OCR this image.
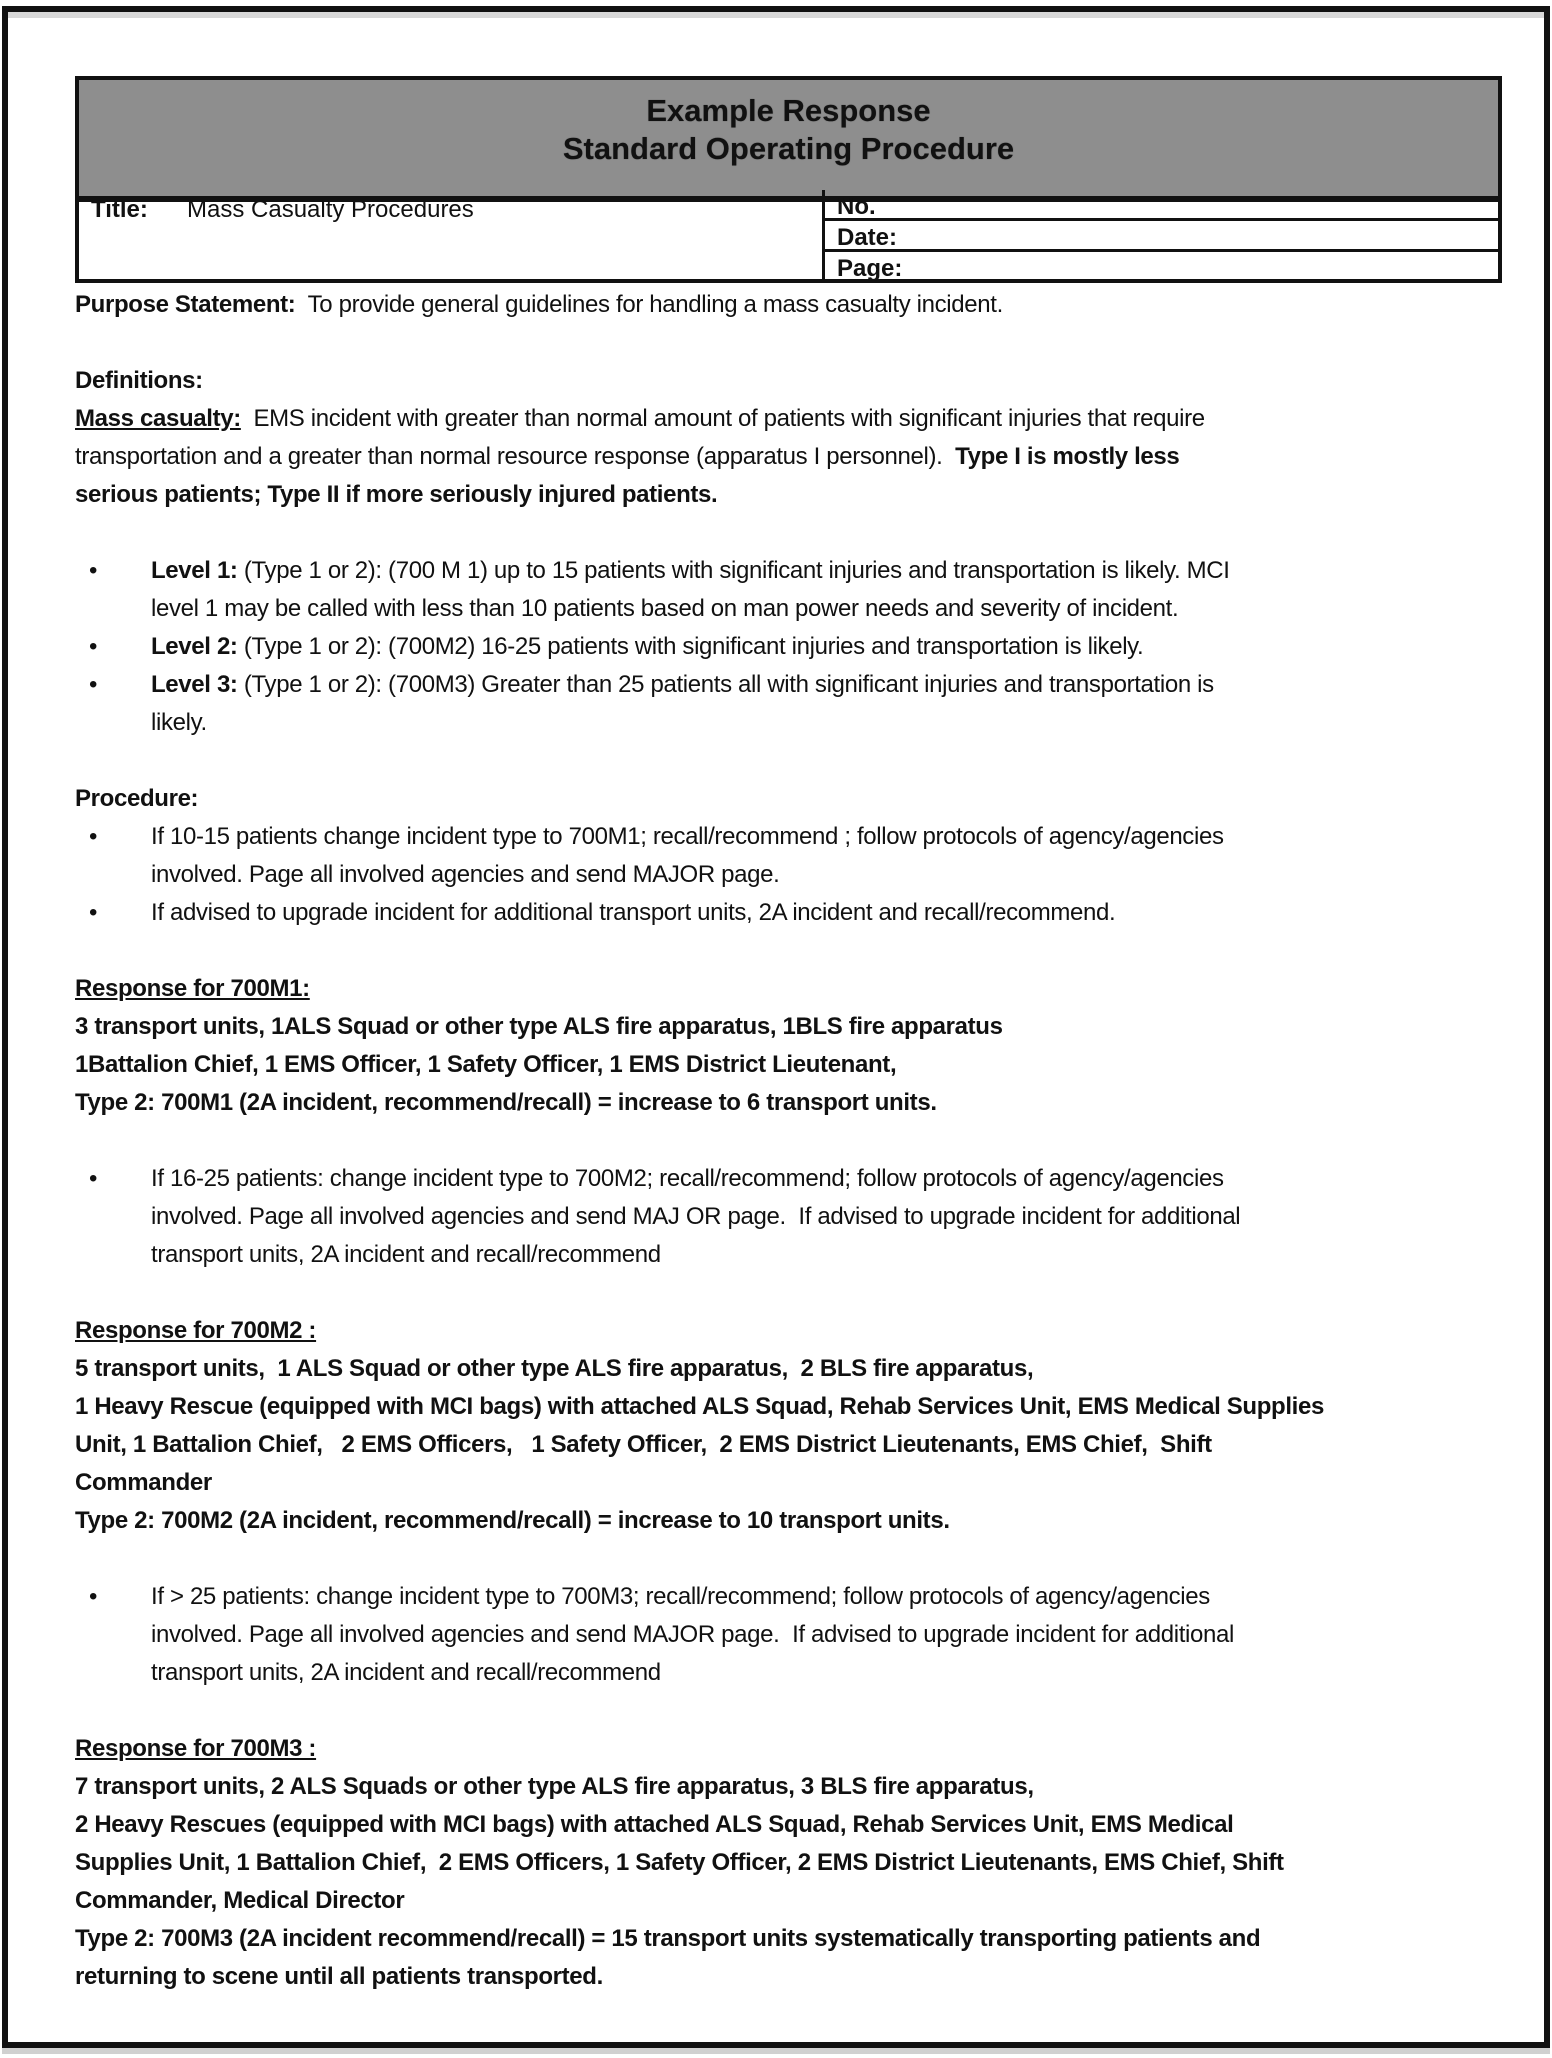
Example Response
Standard Operating Procedure
Title: Mass Casualty Procedures	No.
Date:
Page:
Purpose Statement:  To provide general guidelines for handling a mass casualty incident.
Definitions:
Mass casualty:  EMS incident with greater than normal amount of patients with significant injuries that require
transportation and a greater than normal resource response (apparatus I personnel).  Type I is mostly less
serious patients; Type II if more seriously injured patients.
• Level 1: (Type 1 or 2): (700 M 1) up to 15 patients with significant injuries and transportation is likely. MCI
level 1 may be called with less than 10 patients based on man power needs and severity of incident.
• Level 2: (Type 1 or 2): (700M2) 16-25 patients with significant injuries and transportation is likely.
• Level 3: (Type 1 or 2): (700M3) Greater than 25 patients all with significant injuries and transportation is
likely.
Procedure:
• If 10-15 patients change incident type to 700M1; recall/recommend ; follow protocols of agency/agencies
involved. Page all involved agencies and send MAJOR page.
• If advised to upgrade incident for additional transport units, 2A incident and recall/recommend.
Response for 700M1:
3 transport units, 1ALS Squad or other type ALS fire apparatus, 1BLS fire apparatus
1Battalion Chief, 1 EMS Officer, 1 Safety Officer, 1 EMS District Lieutenant,
Type 2: 700M1 (2A incident, recommend/recall) = increase to 6 transport units.
• If 16-25 patients: change incident type to 700M2; recall/recommend; follow protocols of agency/agencies
involved. Page all involved agencies and send MAJ OR page.  If advised to upgrade incident for additional
transport units, 2A incident and recall/recommend
Response for 700M2 :
5 transport units,  1 ALS Squad or other type ALS fire apparatus,  2 BLS fire apparatus,
1 Heavy Rescue (equipped with MCI bags) with attached ALS Squad, Rehab Services Unit, EMS Medical Supplies
Unit, 1 Battalion Chief,   2 EMS Officers,   1 Safety Officer,  2 EMS District Lieutenants, EMS Chief,  Shift
Commander
Type 2: 700M2 (2A incident, recommend/recall) = increase to 10 transport units.
• If > 25 patients: change incident type to 700M3; recall/recommend; follow protocols of agency/agencies
involved. Page all involved agencies and send MAJOR page.  If advised to upgrade incident for additional
transport units, 2A incident and recall/recommend
Response for 700M3 :
7 transport units, 2 ALS Squads or other type ALS fire apparatus, 3 BLS fire apparatus,
2 Heavy Rescues (equipped with MCI bags) with attached ALS Squad, Rehab Services Unit, EMS Medical
Supplies Unit, 1 Battalion Chief,  2 EMS Officers, 1 Safety Officer, 2 EMS District Lieutenants, EMS Chief, Shift
Commander, Medical Director
Type 2: 700M3 (2A incident recommend/recall) = 15 transport units systematically transporting patients and
returning to scene until all patients transported.
